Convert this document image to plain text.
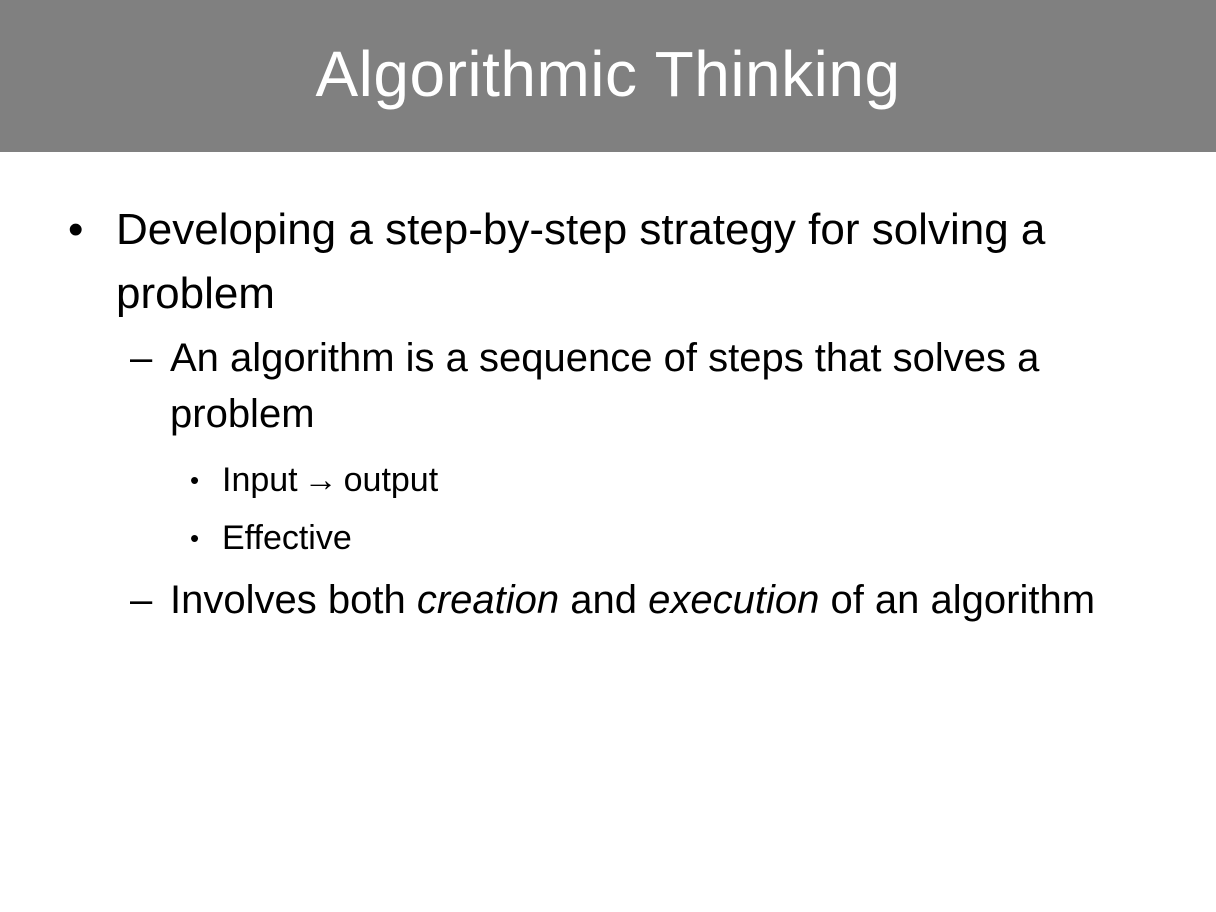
Algorithmic Thinking
• Developing a step-by-step strategy for solving a problem
– An algorithm is a sequence of steps that solves a problem
• Input → output
• Effective
– Involves both creation and execution of an algorithm
